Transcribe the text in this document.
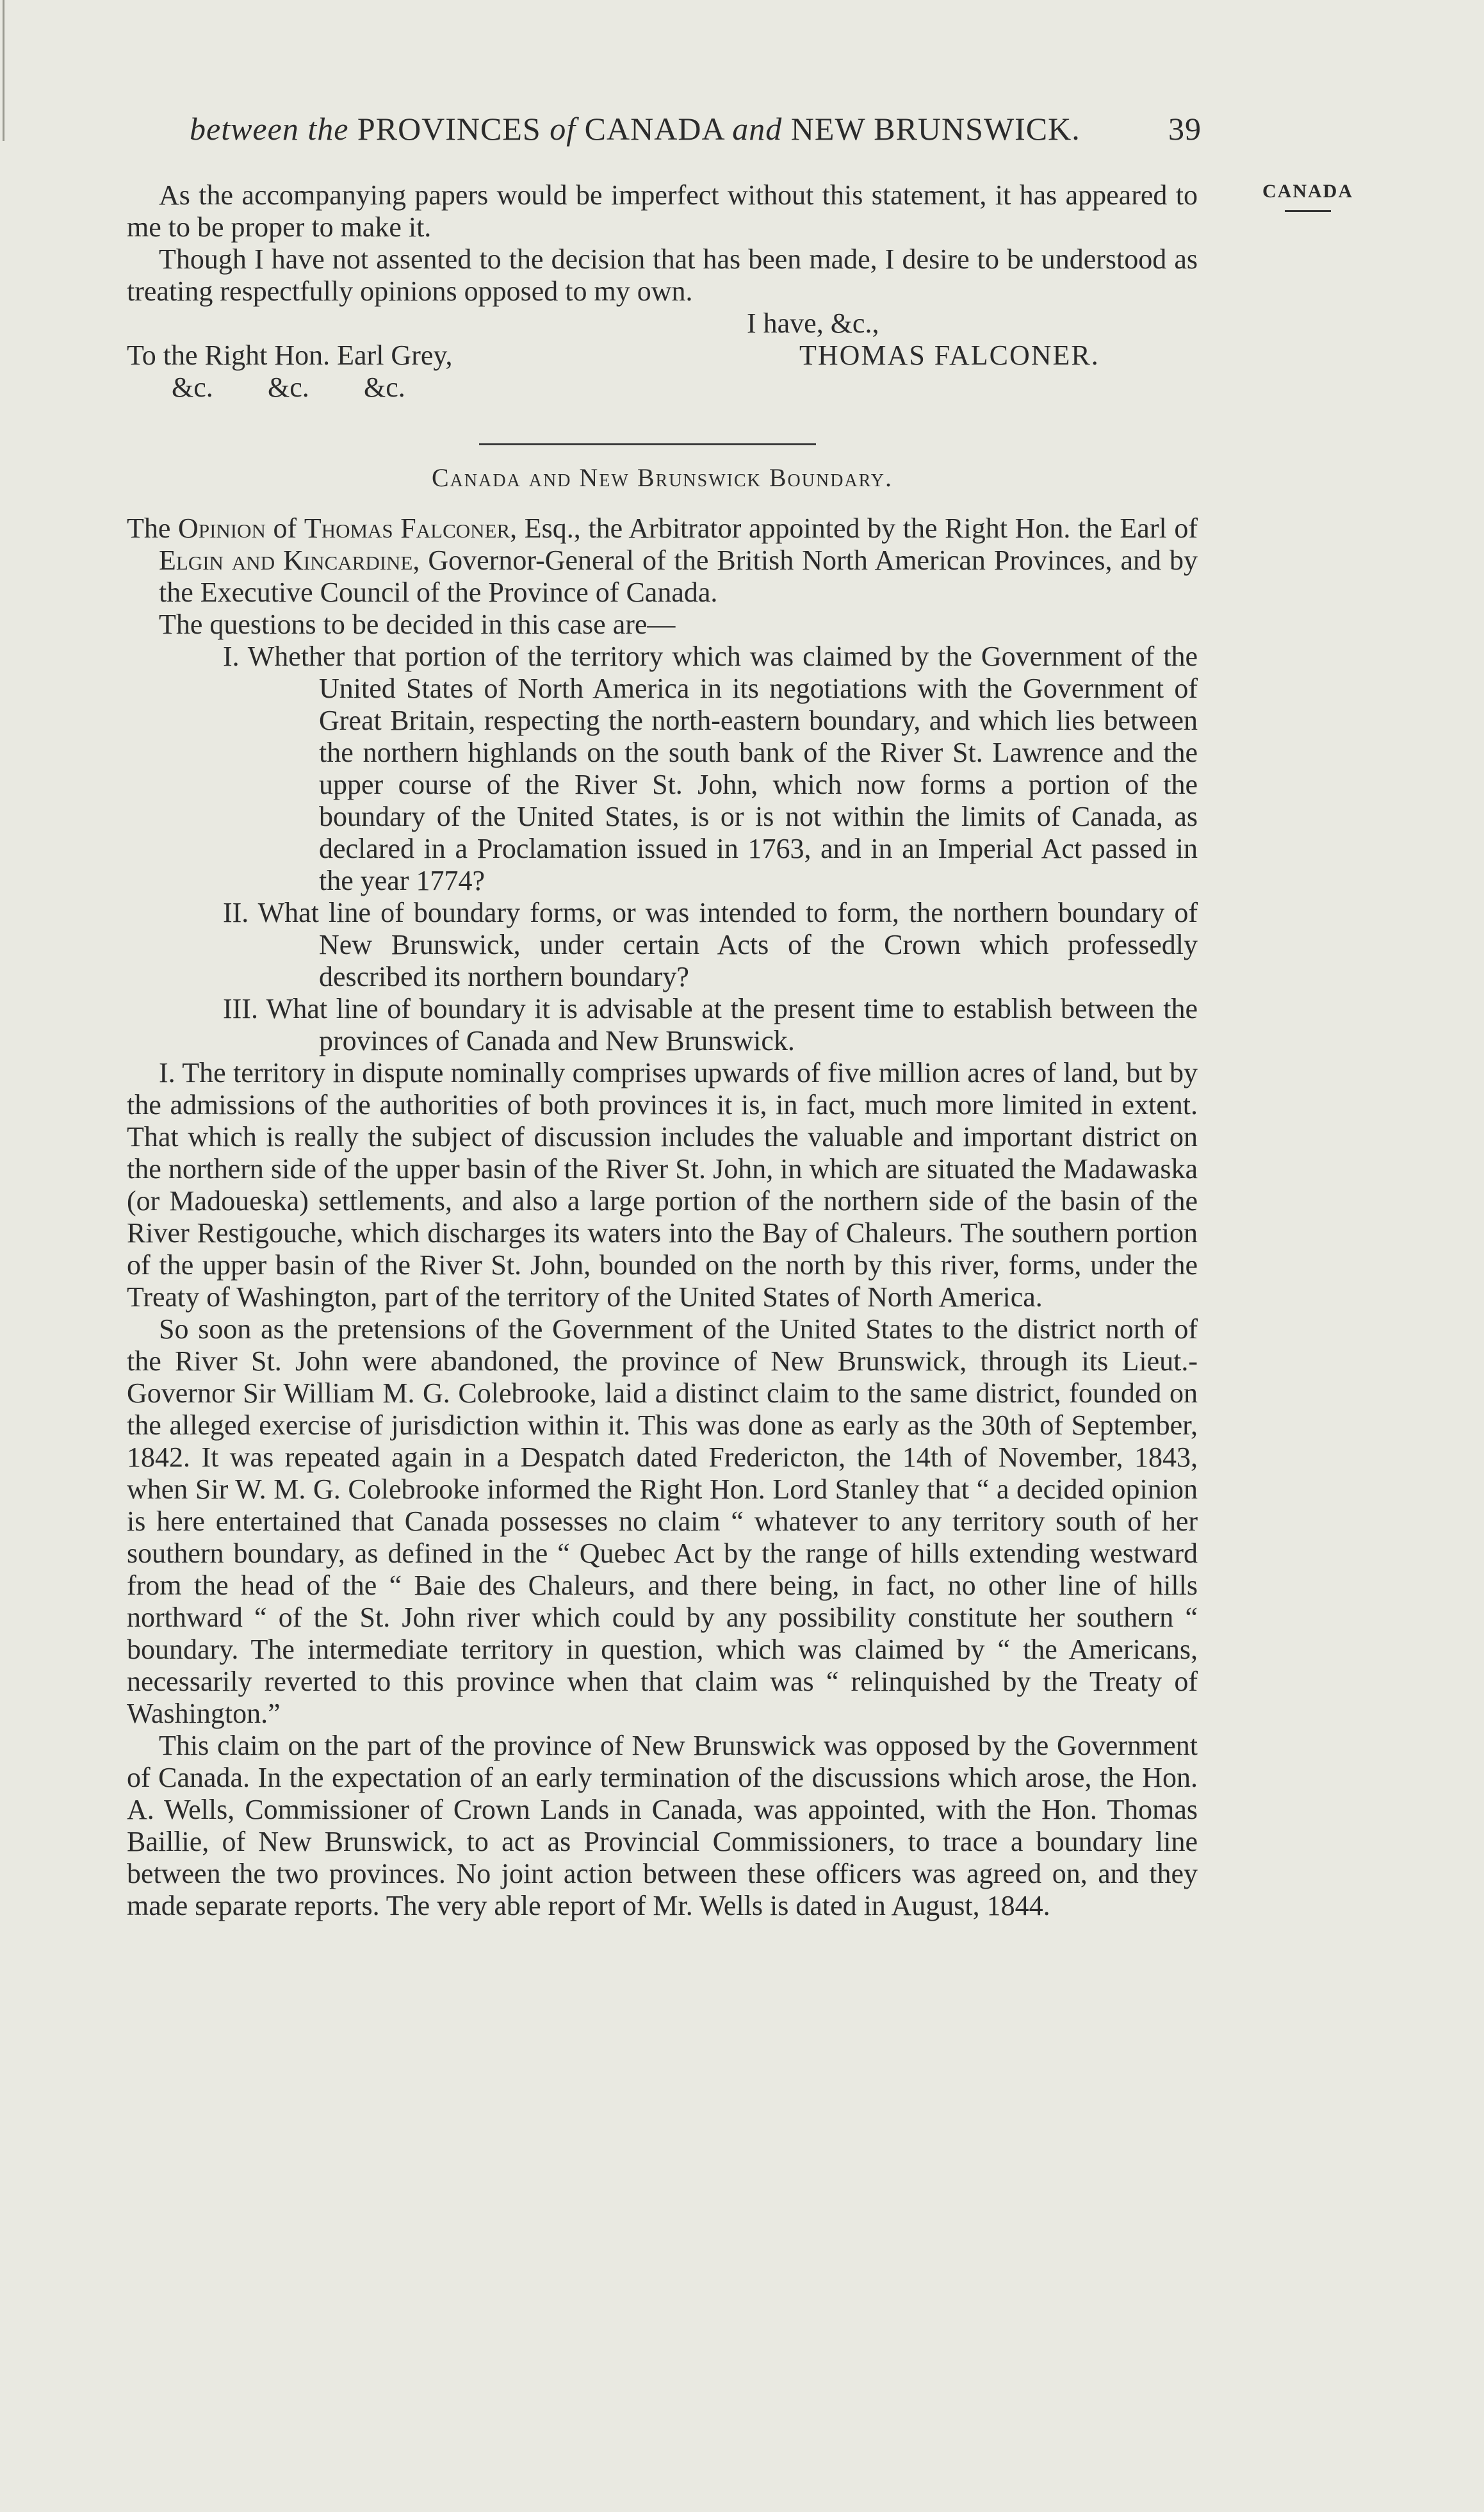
between the PROVINCES of CANADA and NEW BRUNSWICK.	39
CANADA

As the accompanying papers would be imperfect without this statement, it has appeared to me to be proper to make it.

Though I have not assented to the decision that has been made, I desire to be understood as treating respectfully opinions opposed to my own.

I have, &c.,

To the Right Hon. Earl Grey,	THOMAS FALCONER.

&c. &c. &c.

Canada and New Brunswick Boundary.

The Opinion of Thomas Falconer, Esq., the Arbitrator appointed by the Right Hon. the Earl of Elgin and Kincardine, Governor-General of the British North American Provinces, and by the Executive Council of the Province of Canada.

The questions to be decided in this case are—

I. Whether that portion of the territory which was claimed by the Government of the United States of North America in its negotiations with the Government of Great Britain, respecting the north-eastern boundary, and which lies between the northern highlands on the south bank of the River St. Lawrence and the upper course of the River St. John, which now forms a portion of the boundary of the United States, is or is not within the limits of Canada, as declared in a Proclamation issued in 1763, and in an Imperial Act passed in the year 1774?

II. What line of boundary forms, or was intended to form, the northern boundary of New Brunswick, under certain Acts of the Crown which professedly described its northern boundary?

III. What line of boundary it is advisable at the present time to establish between the provinces of Canada and New Brunswick.

I. The territory in dispute nominally comprises upwards of five million acres of land, but by the admissions of the authorities of both provinces it is, in fact, much more limited in extent. That which is really the subject of discussion includes the valuable and important district on the northern side of the upper basin of the River St. John, in which are situated the Madawaska (or Madoueska) settlements, and also a large portion of the northern side of the basin of the River Restigouche, which discharges its waters into the Bay of Chaleurs. The southern portion of the upper basin of the River St. John, bounded on the north by this river, forms, under the Treaty of Washington, part of the territory of the United States of North America.

So soon as the pretensions of the Government of the United States to the district north of the River St. John were abandoned, the province of New Brunswick, through its Lieut.-Governor Sir William M. G. Colebrooke, laid a distinct claim to the same district, founded on the alleged exercise of jurisdiction within it. This was done as early as the 30th of September, 1842. It was repeated again in a Despatch dated Fredericton, the 14th of November, 1843, when Sir W. M. G. Colebrooke informed the Right Hon. Lord Stanley that “ a decided opinion is here entertained that Canada possesses no claim “ whatever to any territory south of her southern boundary, as defined in the “ Quebec Act by the range of hills extending westward from the head of the “ Baie des Chaleurs, and there being, in fact, no other line of hills northward “ of the St. John river which could by any possibility constitute her southern “ boundary. The intermediate territory in question, which was claimed by “ the Americans, necessarily reverted to this province when that claim was “ relinquished by the Treaty of Washington.”

This claim on the part of the province of New Brunswick was opposed by the Government of Canada. In the expectation of an early termination of the discussions which arose, the Hon. A. Wells, Commissioner of Crown Lands in Canada, was appointed, with the Hon. Thomas Baillie, of New Brunswick, to act as Provincial Commissioners, to trace a boundary line between the two provinces. No joint action between these officers was agreed on, and they made separate reports. The very able report of Mr. Wells is dated in August, 1844.
